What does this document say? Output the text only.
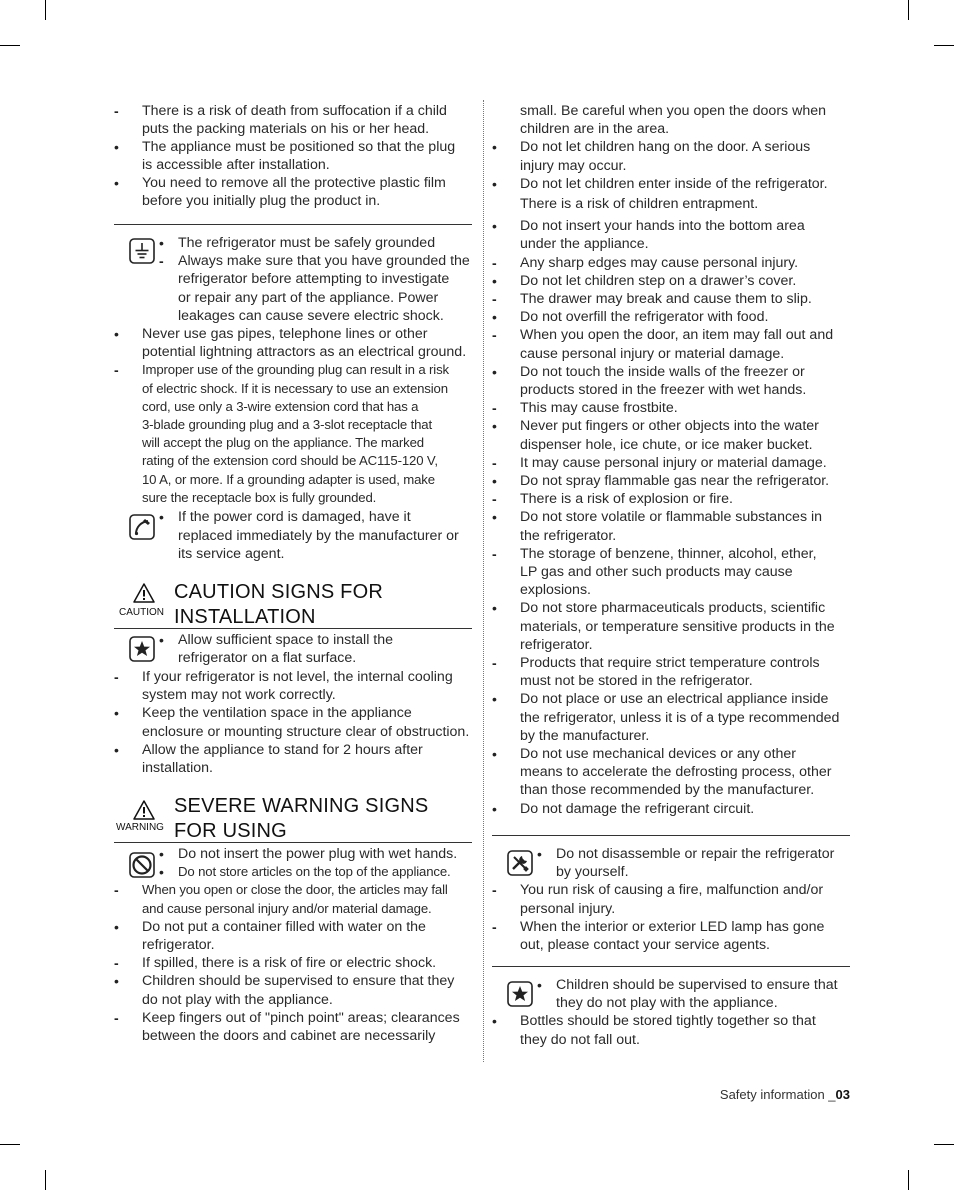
-	There is a risk of death from suffocation if a child
puts the packing materials on his or her head.
•	The appliance must be positioned so that the plug
is accessible after installation.
•	You need to remove all the protective plastic film
before you initially plug the product in.
• The refrigerator must be safely grounded
-	Always make sure that you have grounded the
refrigerator before attempting to investigate
or repair any part of the appliance. Power
leakages can cause severe electric shock.
•	Never use gas pipes, telephone lines or other
potential lightning attractors as an electrical ground.
-	Improper use of the grounding plug can result in a risk
of electric shock. If it is necessary to use an extension
cord, use only a 3-wire extension cord that has a
3-blade grounding plug and a 3-slot receptacle that
will accept the plug on the appliance. The marked
rating of the extension cord should be AC115-120 V,
10 A, or more. If a grounding adapter is used, make
sure the receptacle box is fully grounded.
• If the power cord is damaged, have it
replaced immediately by the manufacturer or
its service agent.
CAUTION
CAUTION SIGNS FOR
INSTALLATION
• Allow sufficient space to install the
refrigerator on a flat surface.
-	If your refrigerator is not level, the internal cooling
system may not work correctly.
•	Keep the ventilation space in the appliance
enclosure or mounting structure clear of obstruction.
•	Allow the appliance to stand for 2 hours after
installation.
WARNING
SEVERE WARNING SIGNS
FOR USING
• Do not insert the power plug with wet hands.
•	Do not store articles on the top of the appliance.
-	When you open or close the door, the articles may fall
and cause personal injury and/or material damage.
•	Do not put a container filled with water on the
refrigerator.
-	If spilled, there is a risk of fire or electric shock.
•	Children should be supervised to ensure that they
do not play with the appliance.
-	Keep fingers out of "pinch point" areas; clearances
between the doors and cabinet are necessarily
small. Be careful when you open the doors when
children are in the area.
•	Do not let children hang on the door. A serious
injury may occur.
•	Do not let children enter inside of the refrigerator.
There is a risk of children entrapment.
•	Do not insert your hands into the bottom area
under the appliance.
-	Any sharp edges may cause personal injury.
•	Do not let children step on a drawer’s cover.
-	The drawer may break and cause them to slip.
•	Do not overfill the refrigerator with food.
-	When you open the door, an item may fall out and
cause personal injury or material damage.
•	Do not touch the inside walls of the freezer or
products stored in the freezer with wet hands.
-	This may cause frostbite.
•	Never put fingers or other objects into the water
dispenser hole, ice chute, or ice maker bucket.
-	It may cause personal injury or material damage.
•	Do not spray flammable gas near the refrigerator.
-	There is a risk of explosion or fire.
•	Do not store volatile or flammable substances in
the refrigerator.
-	The storage of benzene, thinner, alcohol, ether,
LP gas and other such products may cause
explosions.
•	Do not store pharmaceuticals products, scientific
materials, or temperature sensitive products in the
refrigerator.
-	Products that require strict temperature controls
must not be stored in the refrigerator.
•	Do not place or use an electrical appliance inside
the refrigerator, unless it is of a type recommended
by the manufacturer.
•	Do not use mechanical devices or any other
means to accelerate the defrosting process, other
than those recommended by the manufacturer.
•	Do not damage the refrigerant circuit.
• Do not disassemble or repair the refrigerator
by yourself.
-	You run risk of causing a fire, malfunction and/or
personal injury.
-	When the interior or exterior LED lamp has gone
out, please contact your service agents.
• Children should be supervised to ensure that
they do not play with the appliance.
•	Bottles should be stored tightly together so that
they do not fall out.
Safety information _03
